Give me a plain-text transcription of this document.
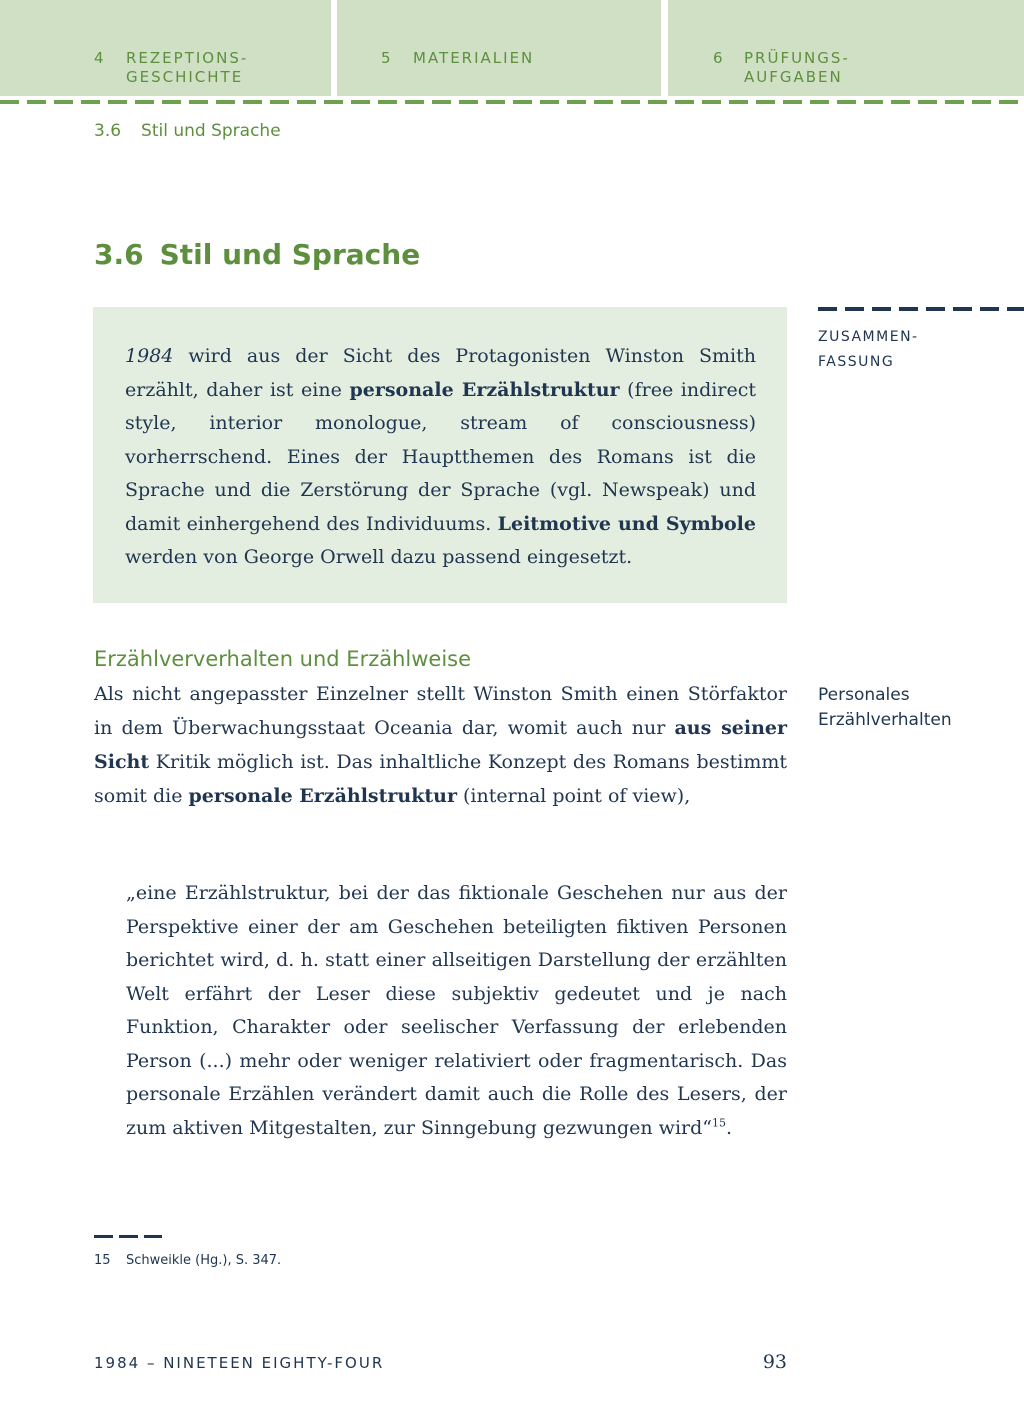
4 REZEPTIONS-
GESCHICHTE
5 MATERIALIEN	6 PRÜFUNGS-
AUFGABEN
3.6 Stil und Sprache
3.6 Stil und Sprache
ZUSAMMEN-
FASSUNG

1984 wird aus der Sicht des Protagonisten Winston Smith erzählt, daher ist eine personale Erzählstruktur (free indirect style, interior monologue, stream of consciousness) vorherrschend. Eines der Hauptthemen des Romans ist die Sprache und die Zerstörung der Sprache (vgl. Newspeak) und damit einhergehend des Individuums. Leitmotive und Symbole werden von George Orwell dazu passend eingesetzt.

Erzählververhalten und Erzählweise

Als nicht angepasster Einzelner stellt Winston Smith einen Störfaktor in dem Überwachungsstaat Oceania dar, womit auch nur aus seiner Sicht Kritik möglich ist. Das inhaltliche Konzept des Romans bestimmt somit die personale Erzählstruktur (internal point of view),

Personales
Erzählverhalten

„eine Erzählstruktur, bei der das fiktionale Geschehen nur aus der Perspektive einer der am Geschehen beteiligten fiktiven Personen berichtet wird, d. h. statt einer allseitigen Darstellung der erzählten Welt erfährt der Leser diese subjektiv gedeutet und je nach Funktion, Charakter oder seelischer Verfassung der erlebenden Person (...) mehr oder weniger relativiert oder fragmentarisch. Das personale Erzählen verändert damit auch die Rolle des Lesers, der zum aktiven Mitgestalten, zur Sinngebung gezwungen wird“$^{15}$.

15 Schweikle (Hg.), S. 347.
1984 – NINETEEN EIGHTY-FOUR	93
